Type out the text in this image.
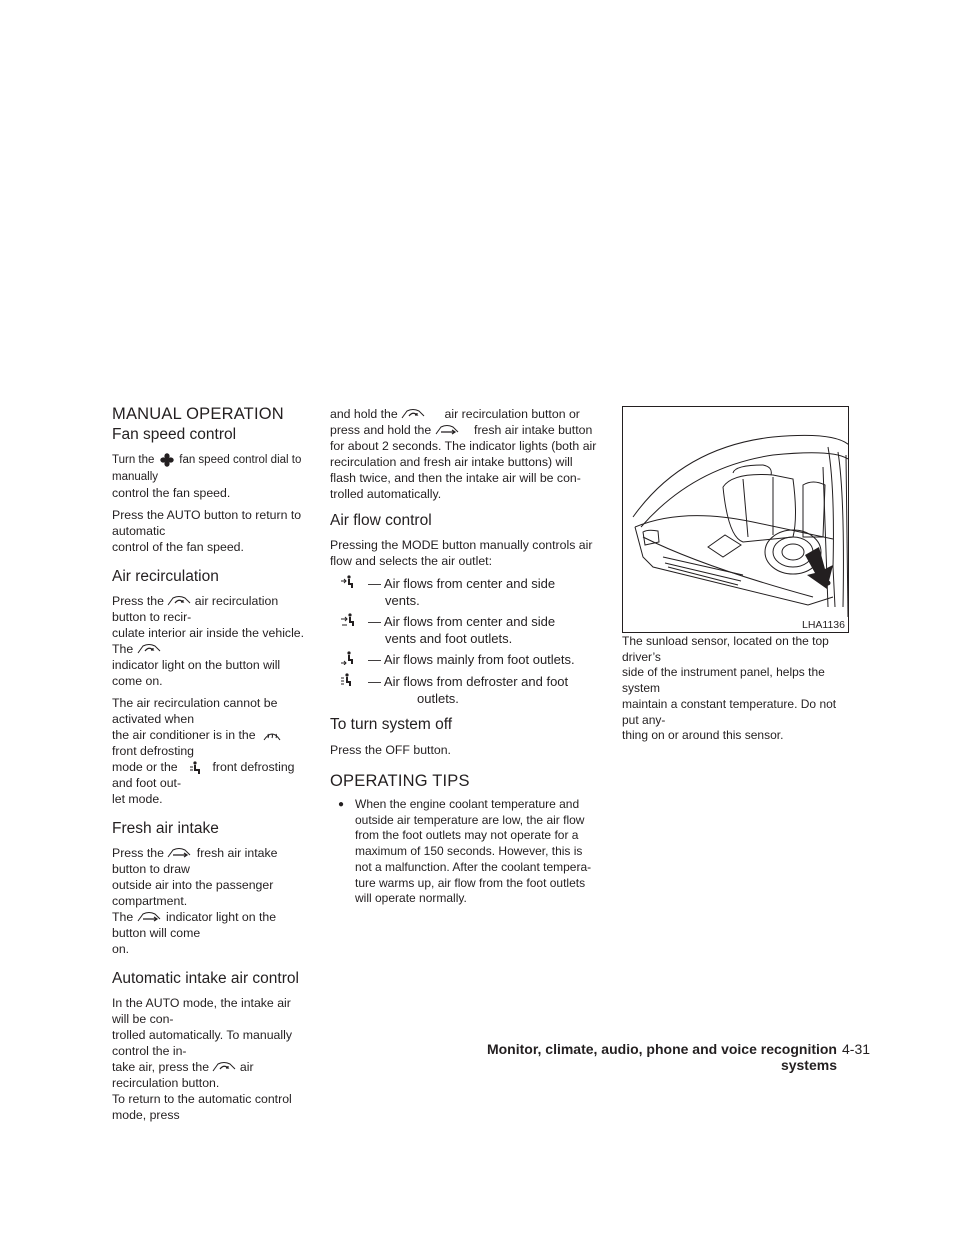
MANUAL OPERATION
Fan speed control

Turn the fan speed control dial to manually
control the fan speed.

Press the AUTO button to return to automatic
control of the fan speed.

Air recirculation

Press the	air recirculation button to recir-
culate interior air inside the vehicle. The

indicator light on the button will come on.

The air recirculation cannot be activated when
the air conditioner is in the
front defrosting
mode or the	front defrosting and foot out-
let mode.

Fresh air intake

Press the	fresh air intake button to draw
outside air into the passenger compartment.
The	indicator light on the button will come
on.

Automatic intake air control

In the AUTO mode, the intake air will be con-
trolled automatically. To manually control the in-
take air, press the	air recirculation button.
To return to the automatic control mode, press

and hold the	air recirculation button or
press and hold the	fresh air intake button
for about 2 seconds. The indicator lights (both air
recirculation and fresh air intake buttons) will
flash twice, and then the intake air will be con-
trolled automatically.

Air flow control

Pressing the MODE button manually controls air
flow and selects the air outlet:

— Air flows from center and side
vents.
— Air flows from center and side
vents and foot outlets.
— Air flows mainly from foot outlets.
— Air flows from defroster and foot
outlets.
To turn system off

Press the OFF button.

OPERATING TIPS
● When the engine coolant temperature and
outside air temperature are low, the air flow
from the foot outlets may not operate for a
maximum of 150 seconds. However, this is
not a malfunction. After the coolant tempera-
ture warms up, air flow from the foot outlets
will operate normally.
LHA1136

The sunload sensor, located on the top driver’s
side of the instrument panel, helps the system
maintain a constant temperature. Do not put any-
thing on or around this sensor.

Monitor, climate, audio, phone and voice recognition systems
4-31
